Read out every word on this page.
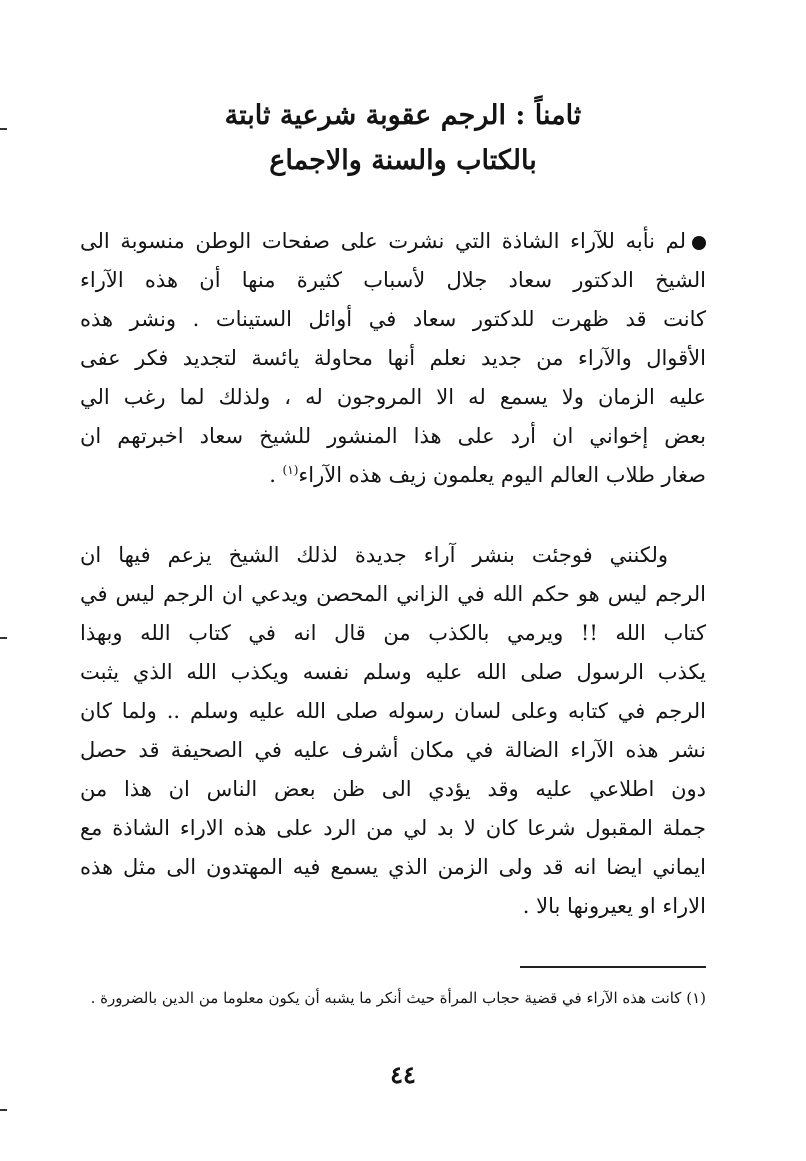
ثامناً : الرجم عقوبة شرعية ثابتة
بالكتاب والسنة والاجماع
لم نأبه للآراء الشاذة التي نشرت على صفحات الوطن منسوبة الى
الشيخ الدكتور سعاد جلال لأسباب كثيرة منها أن هذه الآراء
كانت قد ظهرت للدكتور سعاد في أوائل الستينات . ونشر هذه
الأقوال والآراء من جديد نعلم أنها محاولة يائسة لتجديد فكر عفى
عليه الزمان ولا يسمع له الا المروجون له ، ولذلك لما رغب الي
بعض إخواني ان أرد على هذا المنشور للشيخ سعاد اخبرتهم ان
صغار طلاب العالم اليوم يعلمون زيف هذه الآراء$^{(١)}$ .
ولكنني فوجئت بنشر آراء جديدة لذلك الشيخ يزعم فيها ان
الرجم ليس هو حكم الله في الزاني المحصن ويدعي ان الرجم ليس في
كتاب الله !! ويرمي بالكذب من قال انه في كتاب الله وبهذا
يكذب الرسول صلى الله عليه وسلم نفسه ويكذب الله الذي يثبت
الرجم في كتابه وعلى لسان رسوله صلى الله عليه وسلم .. ولما كان
نشر هذه الآراء الضالة في مكان أشرف عليه في الصحيفة قد حصل
دون اطلاعي عليه وقد يؤدي الى ظن بعض الناس ان هذا من
جملة المقبول شرعا كان لا بد لي من الرد على هذه الاراء الشاذة مع
ايماني ايضا انه قد ولى الزمن الذي يسمع فيه المهتدون الى مثل هذه
الاراء او يعيرونها بالا .
(١) كانت هذه الآراء في قضية حجاب المرأة حيث أنكر ما يشبه أن يكون معلوما من الدين بالضرورة .
٤٤
